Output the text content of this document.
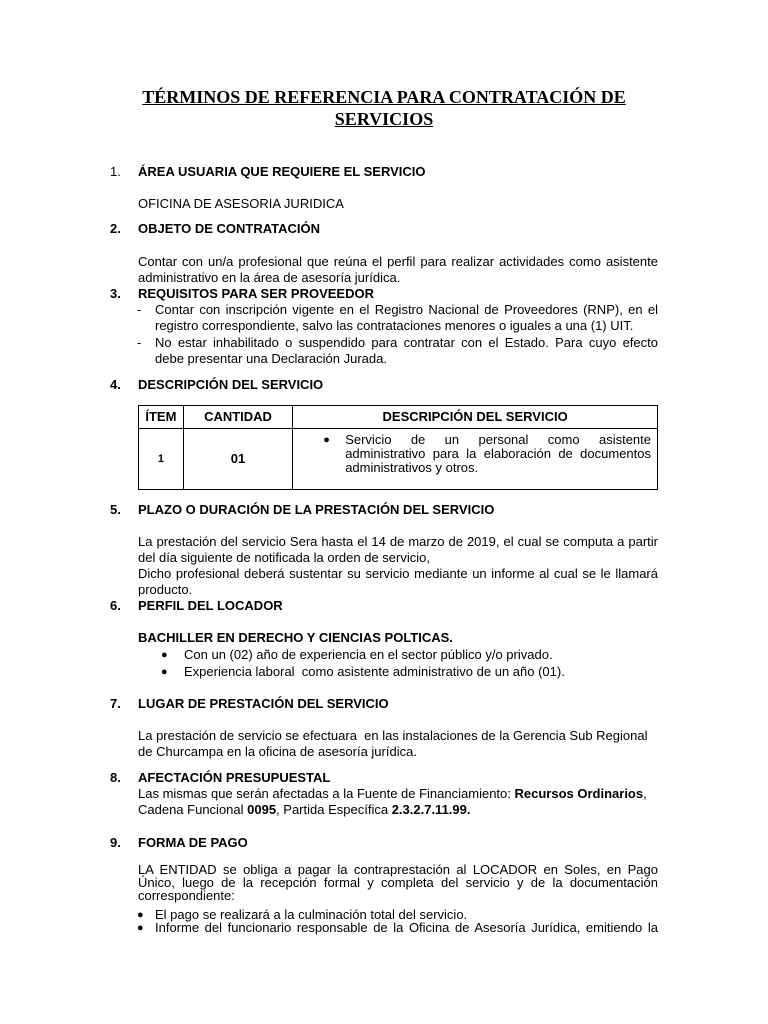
TÉRMINOS DE REFERENCIA PARA CONTRATACIÓN DE
SERVICIOS
1. ÁREA USUARIA QUE REQUIERE EL SERVICIO
OFICINA DE ASESORIA JURIDICA
2. OBJETO DE CONTRATACIÓN
Contar con un/a profesional que reúna el perfil para realizar actividades como asistente administrativo en la área de asesoría jurídica.
3. REQUISITOS PARA SER PROVEEDOR
- Contar con inscripción vigente en el Registro Nacional de Proveedores (RNP), en el registro correspondiente, salvo las contrataciones menores o iguales a una (1) UIT.
- No estar inhabilitado o suspendido para contratar con el Estado. Para cuyo efecto debe presentar una Declaración Jurada.
4. DESCRIPCIÓN DEL SERVICIO
ÍTEM	CANTIDAD	DESCRIPCIÓN DEL SERVICIO
1	01	● Servicio de un personal como asistente administrativo para la elaboración de documentos administrativos y otros.
5. PLAZO O DURACIÓN DE LA PRESTACIÓN DEL SERVICIO
La prestación del servicio Sera hasta el 14 de marzo de 2019, el cual se computa a partir del día siguiente de notificada la orden de servicio,
Dicho profesional deberá sustentar su servicio mediante un informe al cual se le llamará producto.
6. PERFIL DEL LOCADOR
BACHILLER EN DERECHO Y CIENCIAS POLTICAS.
● Con un (02) año de experiencia en el sector público y/o privado.
● Experiencia laboral  como asistente administrativo de un año (01).
7. LUGAR DE PRESTACIÓN DEL SERVICIO
La prestación de servicio se efectuara  en las instalaciones de la Gerencia Sub Regional de Churcampa en la oficina de asesoría jurídica.
8. AFECTACIÓN PRESUPUESTAL
Las mismas que serán afectadas a la Fuente de Financiamiento: Recursos Ordinarios, Cadena Funcional 0095, Partida Específica 2.3.2.7.11.99.
9. FORMA DE PAGO
LA ENTIDAD se obliga a pagar la contraprestación al LOCADOR en Soles, en Pago Único, luego de la recepción formal y completa del servicio y de la documentación correspondiente:
● El pago se realizará a la culminación total del servicio.
● Informe del funcionario responsable de la Oficina de Asesoría Jurídica, emitiendo la
